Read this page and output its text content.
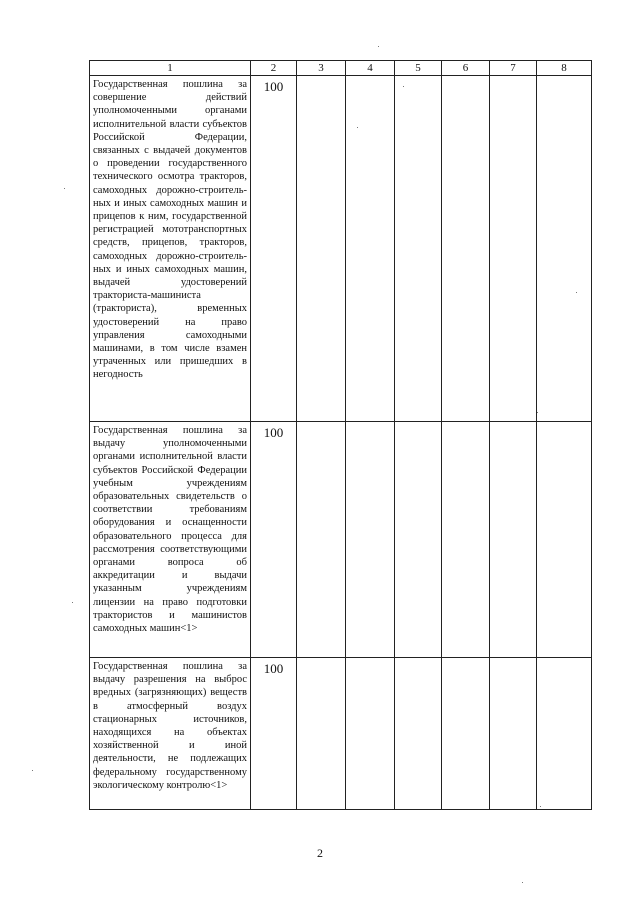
1	2	3	4	5	6	7	8
Государственная пошлина за совершение действий уполномоченными органами исполнительной власти субъектов Российской Федерации, связанных с выдачей документов о проведении государственного технического осмотра тракторов, самоходных дорожно-строитель- ных и иных самоходных машин и прицепов к ним, государственной регистрацией мототранспортных средств, прицепов, тракторов, самоходных дорожно-строитель- ных и иных самоходных машин, выдачей удостоверений тракториста-машиниста (тракториста), временных удостоверений на право управления самоходными машинами, в том числе взамен утраченных или пришедших в негодность	100						
Государственная пошлина за выдачу уполномоченными органами исполнительной власти субъектов Российской Федерации учебным учреждениям образовательных свидетельств о соответствии требованиям оборудования и оснащенности образовательного процесса для рассмотрения соответствующими органами вопроса об аккредитации и выдачи указанным учреждениям лицензии на право подготовки трактористов и машинистов самоходных машин<1>	100						
Государственная пошлина за выдачу разрешения на выброс вредных (загрязняющих) веществ в атмосферный воздух стационарных источников, находящихся на объектах хозяйственной и иной деятельности, не подлежащих федеральному государственному экологическому контролю<1>	100						
2
